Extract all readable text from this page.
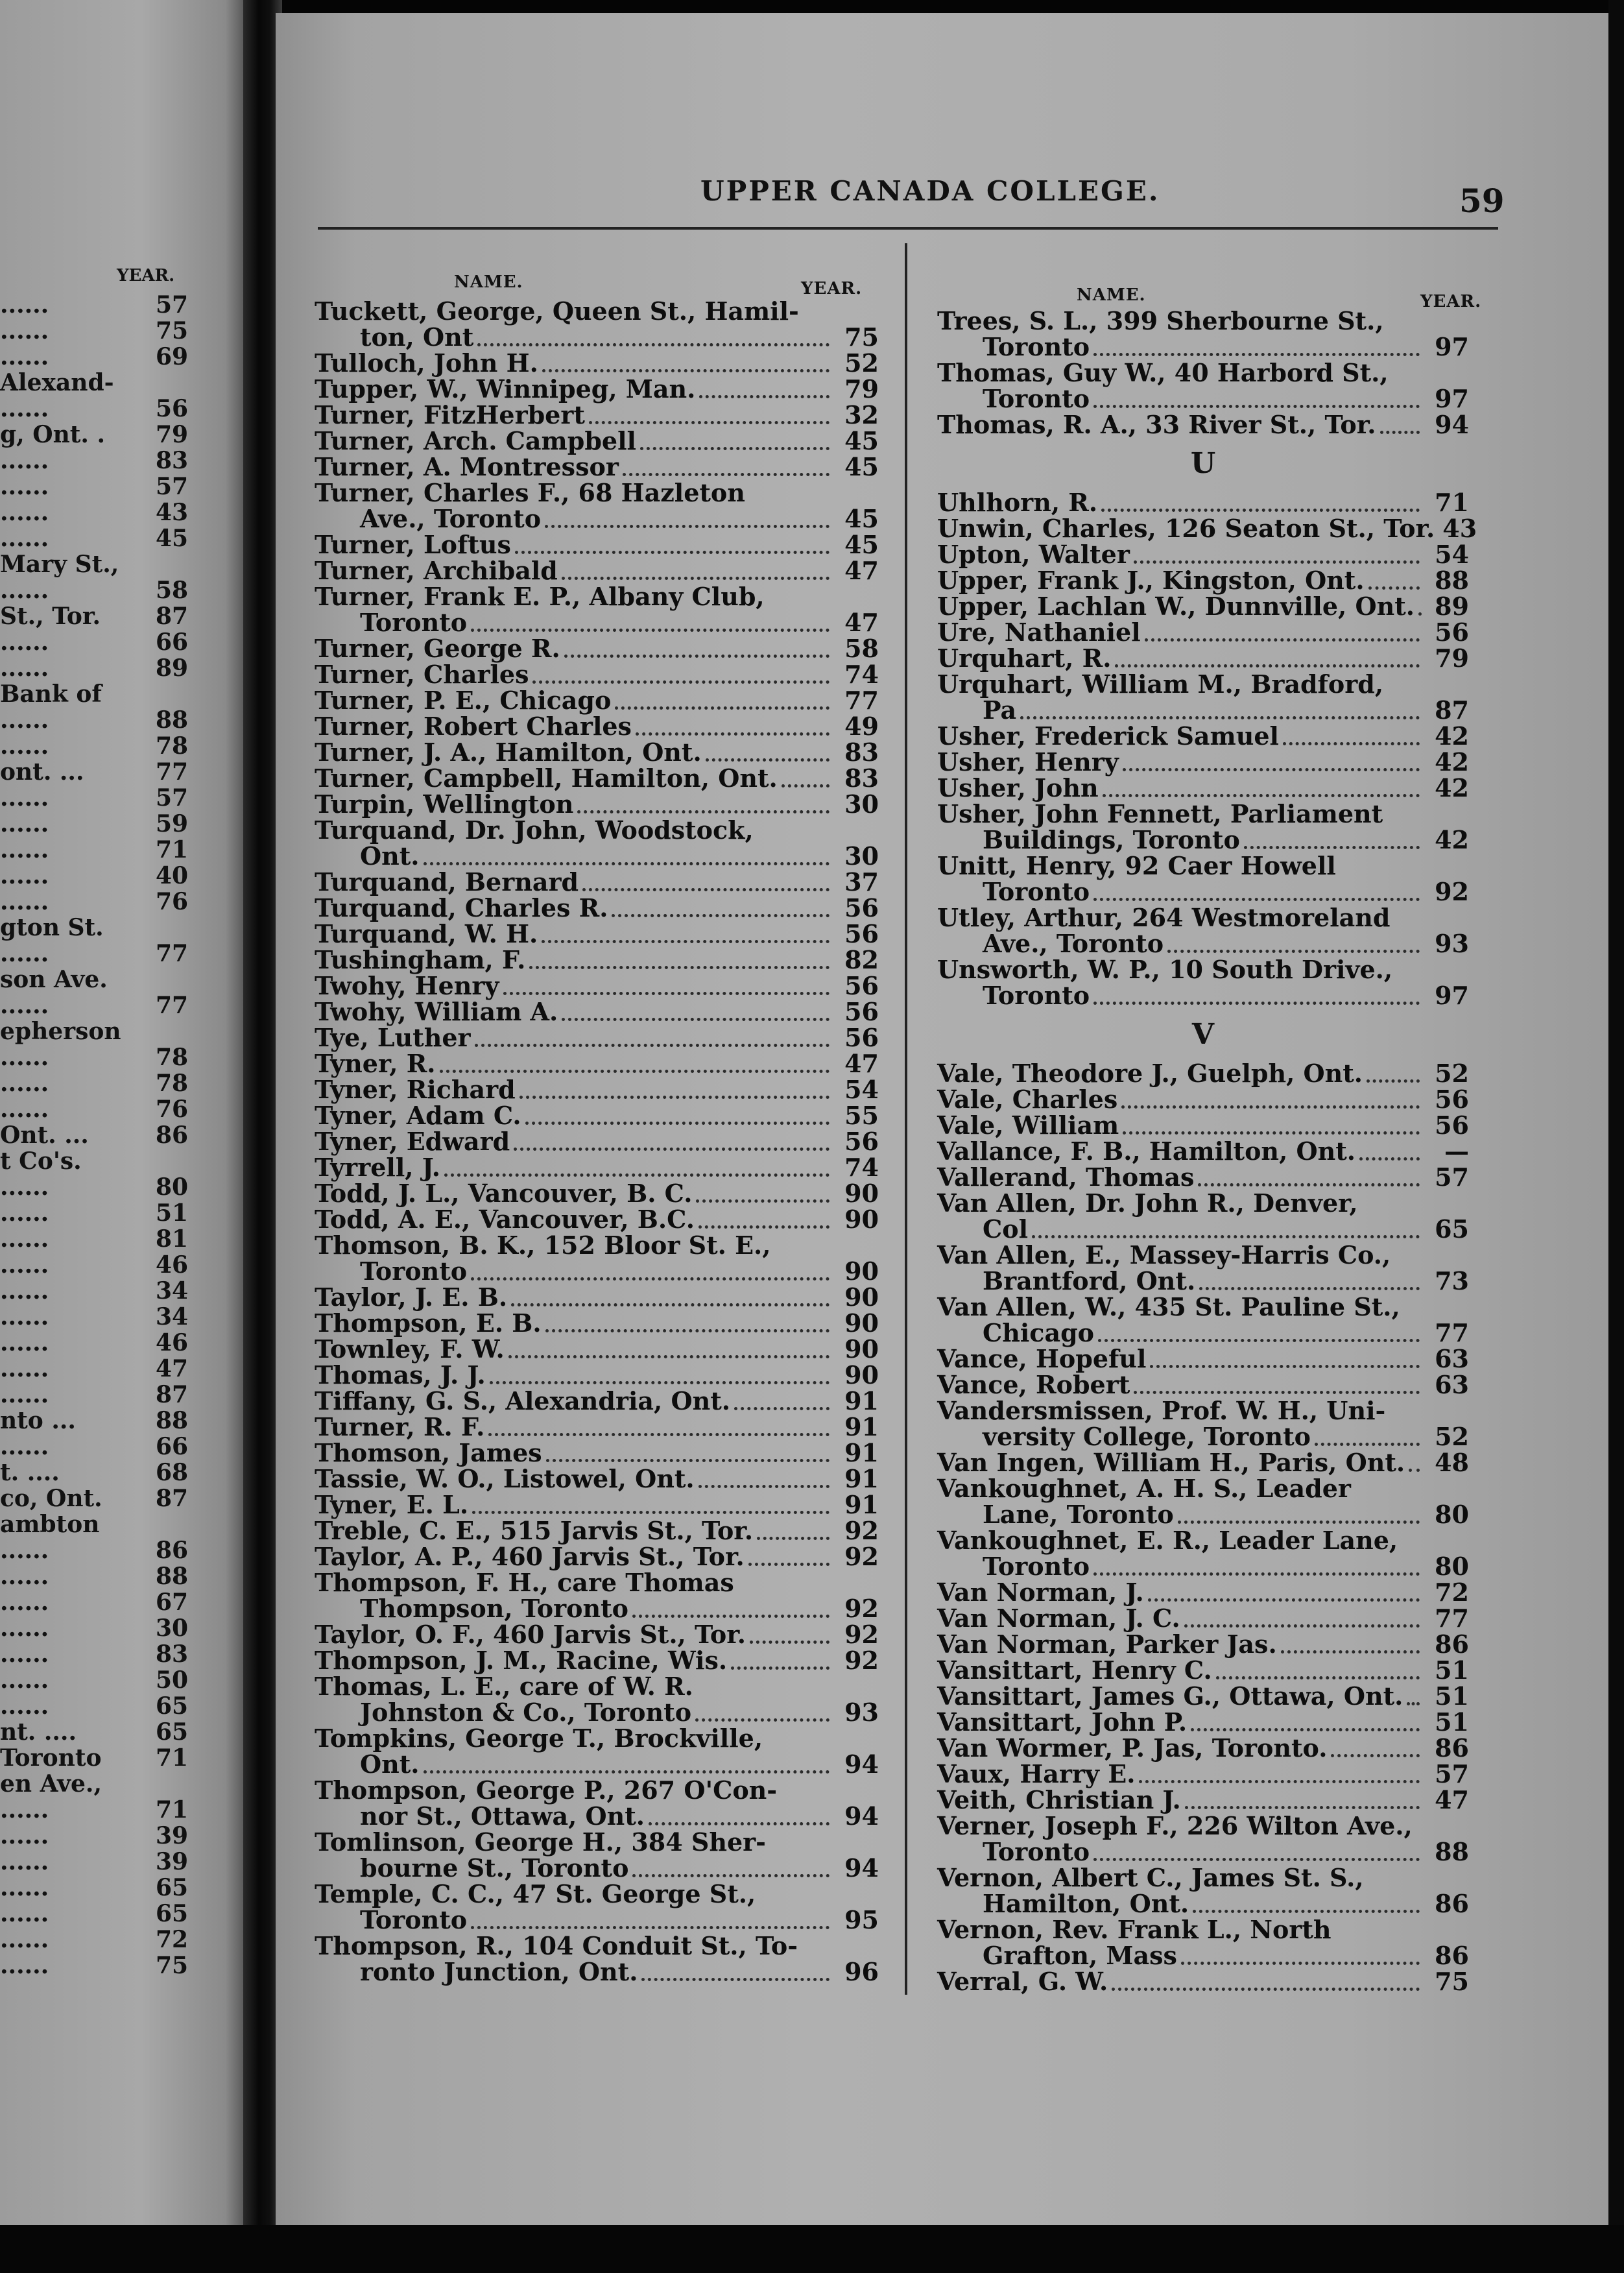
YEAR.
......	57
......	75
......	69
Alexand-
......	56
g, Ont. . 79
......	83
......	57
......	43
......	45
Mary St.,
......	58
St., Tor. 87
......	66
......	89
Bank of
......	88
......	78
ont. ...	77
......	57
......	59
......	71
......	40
......	76
gton St.
......	77
son Ave.
......	77
epherson
......	78
......	78
......	76
Ont. ...	86
t Co's.
......	80
......	51
......	81
......	46
......	34
......	34
......	46
......	47
......	87
nto ...	88
......	66
t. ....	68
co, Ont. 87
ambton
......	86
......	88
......	67
......	30
......	83
......	50
......	65
nt. ....	65
Toronto 71
en Ave.,
......	71
......	39
......	39
......	65
......	65
......	72
......	75
UPPER CANADA COLLEGE.	59
NAME.	YEAR.	NAME.	YEAR.
Tuckett, George, Queen St., Hamil-
ton, Ont	75
Tulloch, John H.	52
Tupper, W., Winnipeg, Man.	79
Turner, FitzHerbert	32
Turner, Arch. Campbell	45
Turner, A. Montressor	45
Turner, Charles F., 68 Hazleton
Ave., Toronto	45
Turner, Loftus	45
Turner, Archibald	47
Turner, Frank E. P., Albany Club,
Toronto	47
Turner, George R.	58
Turner, Charles	74
Turner, P. E., Chicago	77
Turner, Robert Charles	49
Turner, J. A., Hamilton, Ont.	83
Turner, Campbell, Hamilton, Ont.	83
Turpin, Wellington	30
Turquand, Dr. John, Woodstock,
Ont.	30
Turquand, Bernard	37
Turquand, Charles R.	56
Turquand, W. H.	56
Tushingham, F.	82
Twohy, Henry	56
Twohy, William A.	56
Tye, Luther	56
Tyner, R.	47
Tyner, Richard	54
Tyner, Adam C.	55
Tyner, Edward	56
Tyrrell, J.	74
Todd, J. L., Vancouver, B. C.	90
Todd, A. E., Vancouver, B.C.	90
Thomson, B. K., 152 Bloor St. E.,
Toronto	90
Taylor, J. E. B.	90
Thompson, E. B.	90
Townley, F. W.	90
Thomas, J. J.	90
Tiffany, G. S., Alexandria, Ont.	91
Turner, R. F.	91
Thomson, James	91
Tassie, W. O., Listowel, Ont.	91
Tyner, E. L.	91
Treble, C. E., 515 Jarvis St., Tor.	92
Taylor, A. P., 460 Jarvis St., Tor.	92
Thompson, F. H., care Thomas
Thompson, Toronto	92
Taylor, O. F., 460 Jarvis St., Tor.	92
Thompson, J. M., Racine, Wis.	92
Thomas, L. E., care of W. R.
Johnston & Co., Toronto	93
Tompkins, George T., Brockville,
Ont.	94
Thompson, George P., 267 O'Con-
nor St., Ottawa, Ont.	94
Tomlinson, George H., 384 Sher-
bourne St., Toronto	94
Temple, C. C., 47 St. George St.,
Toronto	95
Thompson, R., 104 Conduit St., To-
ronto Junction, Ont.	96
Trees, S. L., 399 Sherbourne St.,
Toronto	97
Thomas, Guy W., 40 Harbord St.,
Toronto	97
Thomas, R. A., 33 River St., Tor.	94
U
Uhlhorn, R.	71
Unwin, Charles, 126 Seaton St., Tor. 43
Upton, Walter	54
Upper, Frank J., Kingston, Ont.	88
Upper, Lachlan W., Dunnville, Ont. 89
Ure, Nathaniel	56
Urquhart, R.	79
Urquhart, William M., Bradford,
Pa	87
Usher, Frederick Samuel	42
Usher, Henry	42
Usher, John	42
Usher, John Fennett, Parliament
Buildings, Toronto	42
Unitt, Henry, 92 Caer Howell
Toronto	92
Utley, Arthur, 264 Westmoreland
Ave., Toronto	93
Unsworth, W. P., 10 South Drive.,
Toronto	97
V
Vale, Theodore J., Guelph, Ont.	52
Vale, Charles	56
Vale, William	56
Vallance, F. B., Hamilton, Ont.	—
Vallerand, Thomas	57
Van Allen, Dr. John R., Denver,
Col	65
Van Allen, E., Massey-Harris Co.,
Brantford, Ont.	73
Van Allen, W., 435 St. Pauline St.,
Chicago	77
Vance, Hopeful	63
Vance, Robert	63
Vandersmissen, Prof. W. H., Uni-
versity College, Toronto	52
Van Ingen, William H., Paris, Ont.	48
Vankoughnet, A. H. S., Leader
Lane, Toronto	80
Vankoughnet, E. R., Leader Lane,
Toronto	80
Van Norman, J.	72
Van Norman, J. C.	77
Van Norman, Parker Jas.	86
Vansittart, Henry C.	51
Vansittart, James G., Ottawa, Ont.	51
Vansittart, John P.	51
Van Wormer, P. Jas, Toronto.	86
Vaux, Harry E.	57
Veith, Christian J.	47
Verner, Joseph F., 226 Wilton Ave.,
Toronto	88
Vernon, Albert C., James St. S.,
Hamilton, Ont.	86
Vernon, Rev. Frank L., North
Grafton, Mass	86
Verral, G. W.	75
